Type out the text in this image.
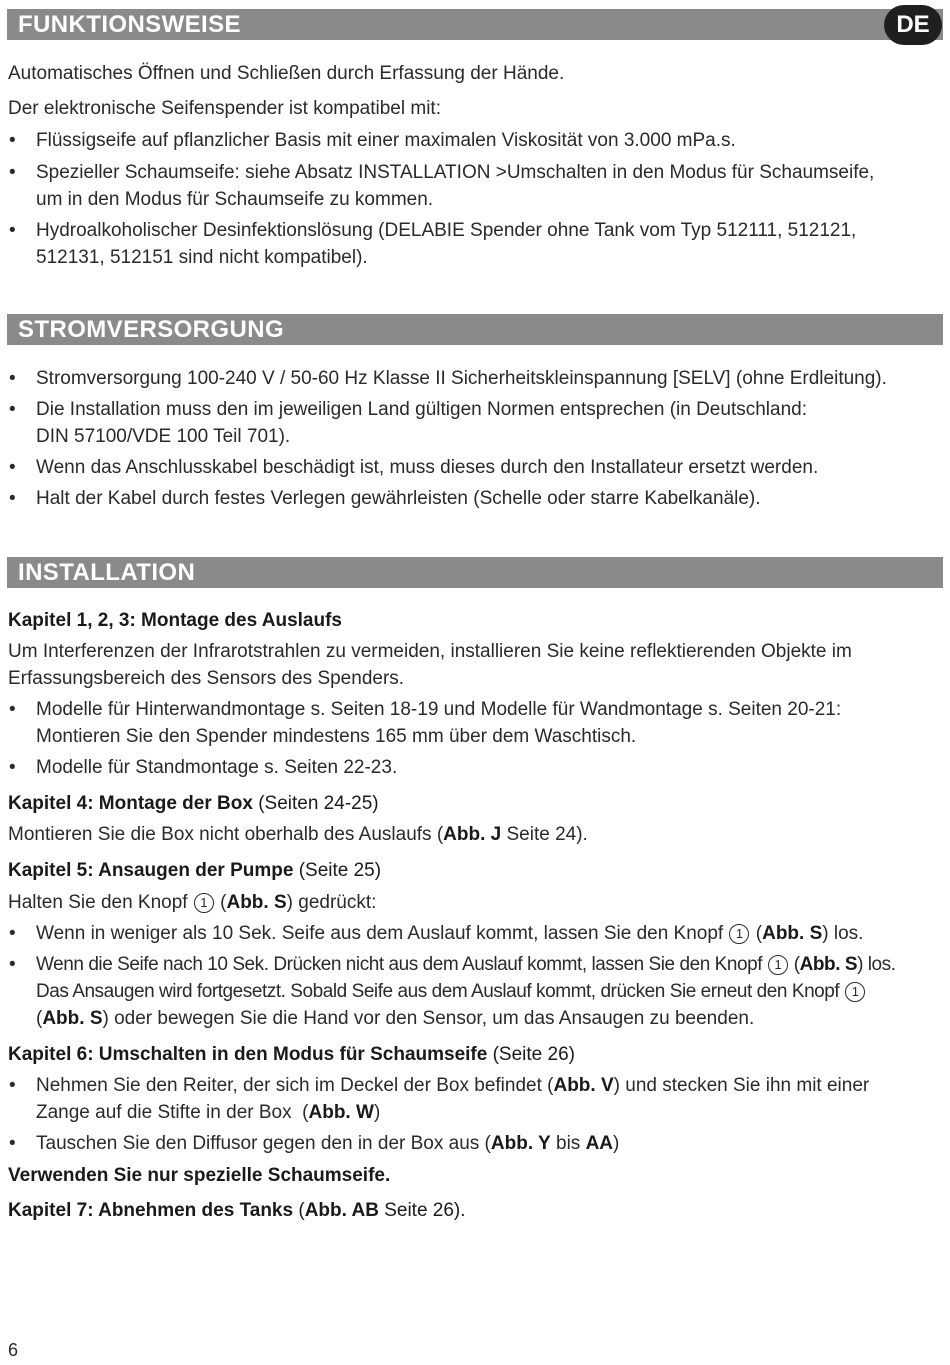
FUNKTIONSWEISE	DE
Automatisches Öffnen und Schließen durch Erfassung der Hände.
Der elektronische Seifenspender ist kompatibel mit:
• Flüssigseife auf pflanzlicher Basis mit einer maximalen Viskosität von 3.000 mPa.s.
• Spezieller Schaumseife: siehe Absatz INSTALLATION >Umschalten in den Modus für Schaumseife,
um in den Modus für Schaumseife zu kommen.
• Hydroalkoholischer Desinfektionslösung (DELABIE Spender ohne Tank vom Typ 512111, 512121,
512131, 512151 sind nicht kompatibel).
STROMVERSORGUNG
• Stromversorgung 100-240 V / 50-60 Hz Klasse II Sicherheitskleinspannung [SELV] (ohne Erdleitung).
• Die Installation muss den im jeweiligen Land gültigen Normen entsprechen (in Deutschland:
DIN 57100/VDE 100 Teil 701).
• Wenn das Anschlusskabel beschädigt ist, muss dieses durch den Installateur ersetzt werden.
• Halt der Kabel durch festes Verlegen gewährleisten (Schelle oder starre Kabelkanäle).
INSTALLATION
Kapitel 1, 2, 3: Montage des Auslaufs
Um Interferenzen der Infrarotstrahlen zu vermeiden, installieren Sie keine reflektierenden Objekte im
Erfassungsbereich des Sensors des Spenders.
• Modelle für Hinterwandmontage s. Seiten 18-19 und Modelle für Wandmontage s. Seiten 20-21:
Montieren Sie den Spender mindestens 165 mm über dem Waschtisch.
• Modelle für Standmontage s. Seiten 22-23.
Kapitel 4: Montage der Box (Seiten 24-25)
Montieren Sie die Box nicht oberhalb des Auslaufs (Abb. J Seite 24).
Kapitel 5: Ansaugen der Pumpe (Seite 25)
Halten Sie den Knopf 1 (Abb. S) gedrückt:
• Wenn in weniger als 10 Sek. Seife aus dem Auslauf kommt, lassen Sie den Knopf 1 (Abb. S) los.
• Wenn die Seife nach 10 Sek. Drücken nicht aus dem Auslauf kommt, lassen Sie den Knopf 1 (Abb. S) los.
Das Ansaugen wird fortgesetzt. Sobald Seife aus dem Auslauf kommt, drücken Sie erneut den Knopf 1
(Abb. S) oder bewegen Sie die Hand vor den Sensor, um das Ansaugen zu beenden.
Kapitel 6: Umschalten in den Modus für Schaumseife (Seite 26)
• Nehmen Sie den Reiter, der sich im Deckel der Box befindet (Abb. V) und stecken Sie ihn mit einer
Zange auf die Stifte in der Box  (Abb. W)
• Tauschen Sie den Diffusor gegen den in der Box aus (Abb. Y bis AA)
Verwenden Sie nur spezielle Schaumseife.
Kapitel 7: Abnehmen des Tanks (Abb. AB Seite 26).
6
